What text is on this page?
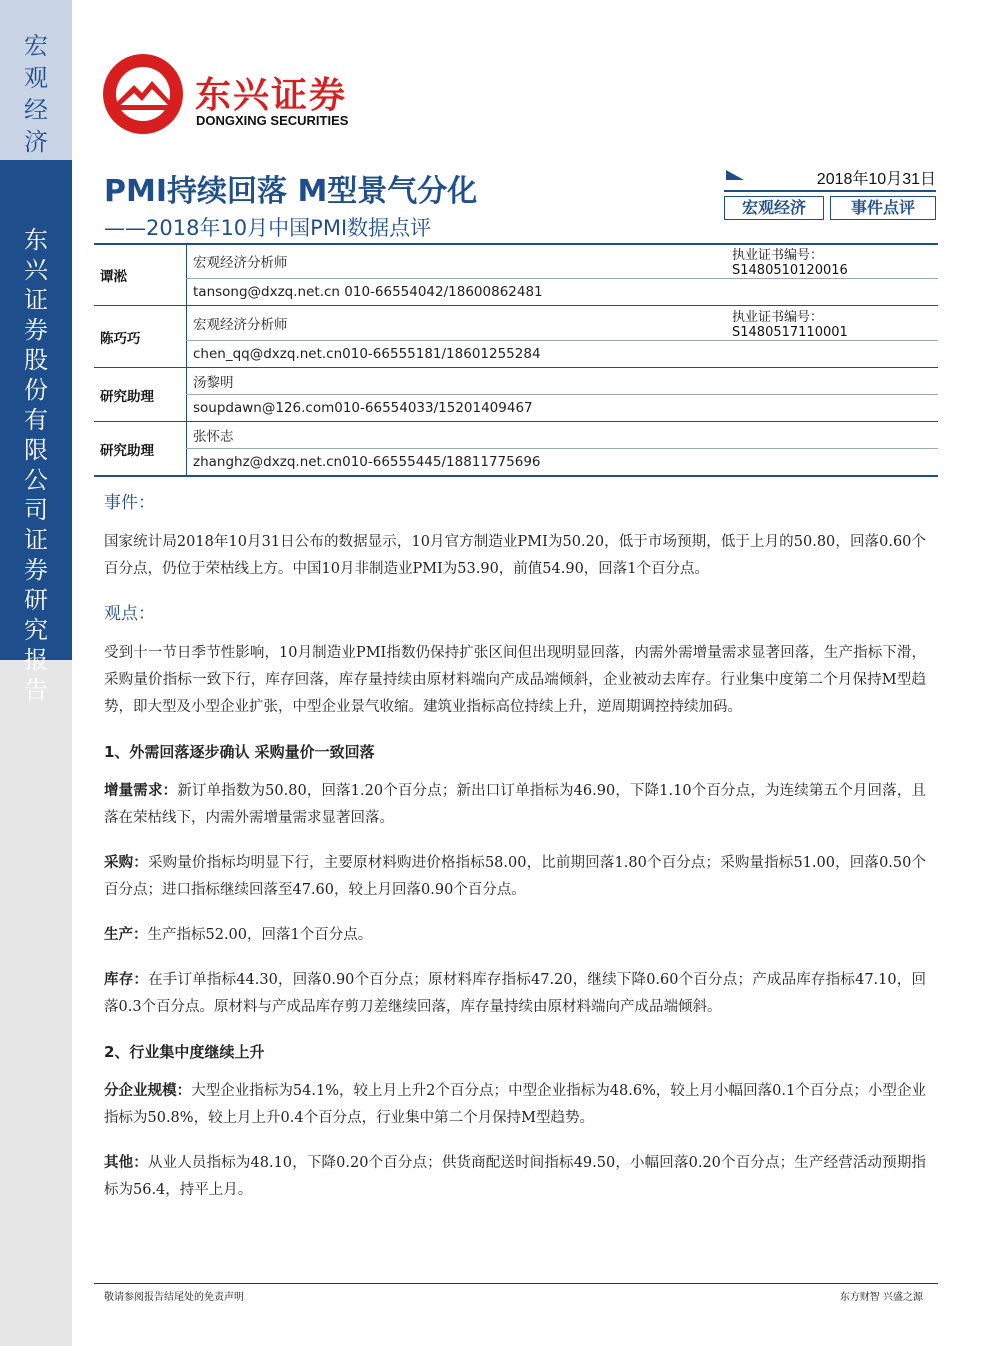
宏
观
经
济
东
兴
证
券
股
份
有
限
公
司
证
券
研
究
报
告
东兴证券
DONGXING SECURITIES
PMI持续回落 M型景气分化
——2018年10月中国PMI数据点评
2018年10月31日
宏观经济	事件点评
谭淞	宏观经济分析师	执业证书编号：S1480510120016
	tansong@dxzq.net.cn 010-66554042/18600862481	
陈巧巧	宏观经济分析师	执业证书编号：S1480517110001
	chen_qq@dxzq.net.cn010-66555181/18601255284	
研究助理	汤黎明	
	soupdawn@126.com010-66554033/15201409467	
研究助理	张怀志	
	zhanghz@dxzq.net.cn010-66555445/18811775696	
事件：

国家统计局2018年10月31日公布的数据显示，10月官方制造业PMI为50.20，低于市场预期，低于上月的50.80，回落0.60个百分点，仍位于荣枯线上方。中国10月非制造业PMI为53.90，前值54.90，回落1个百分点。

观点：

受到十一节日季节性影响，10月制造业PMI指数仍保持扩张区间但出现明显回落，内需外需增量需求显著回落，生产指标下滑，采购量价指标一致下行，库存回落，库存量持续由原材料端向产成品端倾斜，企业被动去库存。行业集中度第二个月保持M型趋势，即大型及小型企业扩张，中型企业景气收缩。建筑业指标高位持续上升，逆周期调控持续加码。

1、外需回落逐步确认 采购量价一致回落

增量需求：新订单指数为50.80，回落1.20个百分点；新出口订单指标为46.90，下降1.10个百分点，为连续第五个月回落，且落在荣枯线下，内需外需增量需求显著回落。

采购：采购量价指标均明显下行，主要原材料购进价格指标58.00，比前期回落1.80个百分点；采购量指标51.00，回落0.50个百分点；进口指标继续回落至47.60，较上月回落0.90个百分点。

生产：生产指标52.00，回落1个百分点。

库存：在手订单指标44.30，回落0.90个百分点；原材料库存指标47.20，继续下降0.60个百分点；产成品库存指标47.10，回落0.3个百分点。原材料与产成品库存剪刀差继续回落，库存量持续由原材料端向产成品端倾斜。

2、行业集中度继续上升

分企业规模：大型企业指标为54.1%，较上月上升2个百分点；中型企业指标为48.6%，较上月小幅回落0.1个百分点；小型企业指标为50.8%，较上月上升0.4个百分点，行业集中第二个月保持M型趋势。

其他：从业人员指标为48.10，下降0.20个百分点；供货商配送时间指标49.50，小幅回落0.20个百分点；生产经营活动预期指标为56.4，持平上月。

敬请参阅报告结尾处的免责声明	东方财智 兴盛之源
